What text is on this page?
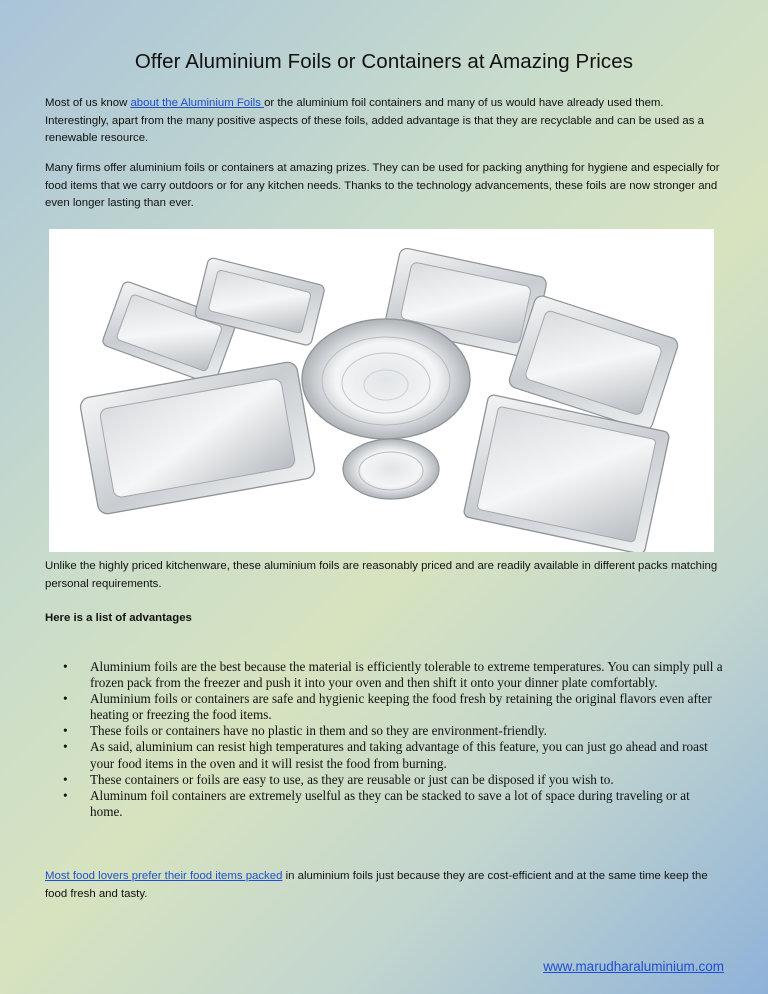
Offer Aluminium Foils or Containers at Amazing Prices
Most of us know about the Aluminium Foils or the aluminium foil containers and many of us would have already used them. Interestingly, apart from the many positive aspects of these foils, added advantage is that they are recyclable and can be used as a renewable resource.
Many firms offer aluminium foils or containers at amazing prizes. They can be used for packing anything for hygiene and especially for food items that we carry outdoors or for any kitchen needs. Thanks to the technology advancements, these foils are now stronger and even longer lasting than ever.
Unlike the highly priced kitchenware, these aluminium foils are reasonably priced and are readily available in different packs matching personal requirements.
Here is a list of advantages
• Aluminium foils are the best because the material is efficiently tolerable to extreme temperatures. You can simply pull a frozen pack from the freezer and push it into your oven and then shift it onto your dinner plate comfortably.
• Aluminium foils or containers are safe and hygienic keeping the food fresh by retaining the original flavors even after heating or freezing the food items.
• These foils or containers have no plastic in them and so they are environment-friendly.
• As said, aluminium can resist high temperatures and taking advantage of this feature, you can just go ahead and roast your food items in the oven and it will resist the food from burning.
• These containers or foils are easy to use, as they are reusable or just can be disposed if you wish to.
• Aluminum foil containers are extremely uselful as they can be stacked to save a lot of space during traveling or at home.
Most food lovers prefer their food items packed in aluminium foils just because they are cost-efficient and at the same time keep the food fresh and tasty.
www.marudharaluminium.com
